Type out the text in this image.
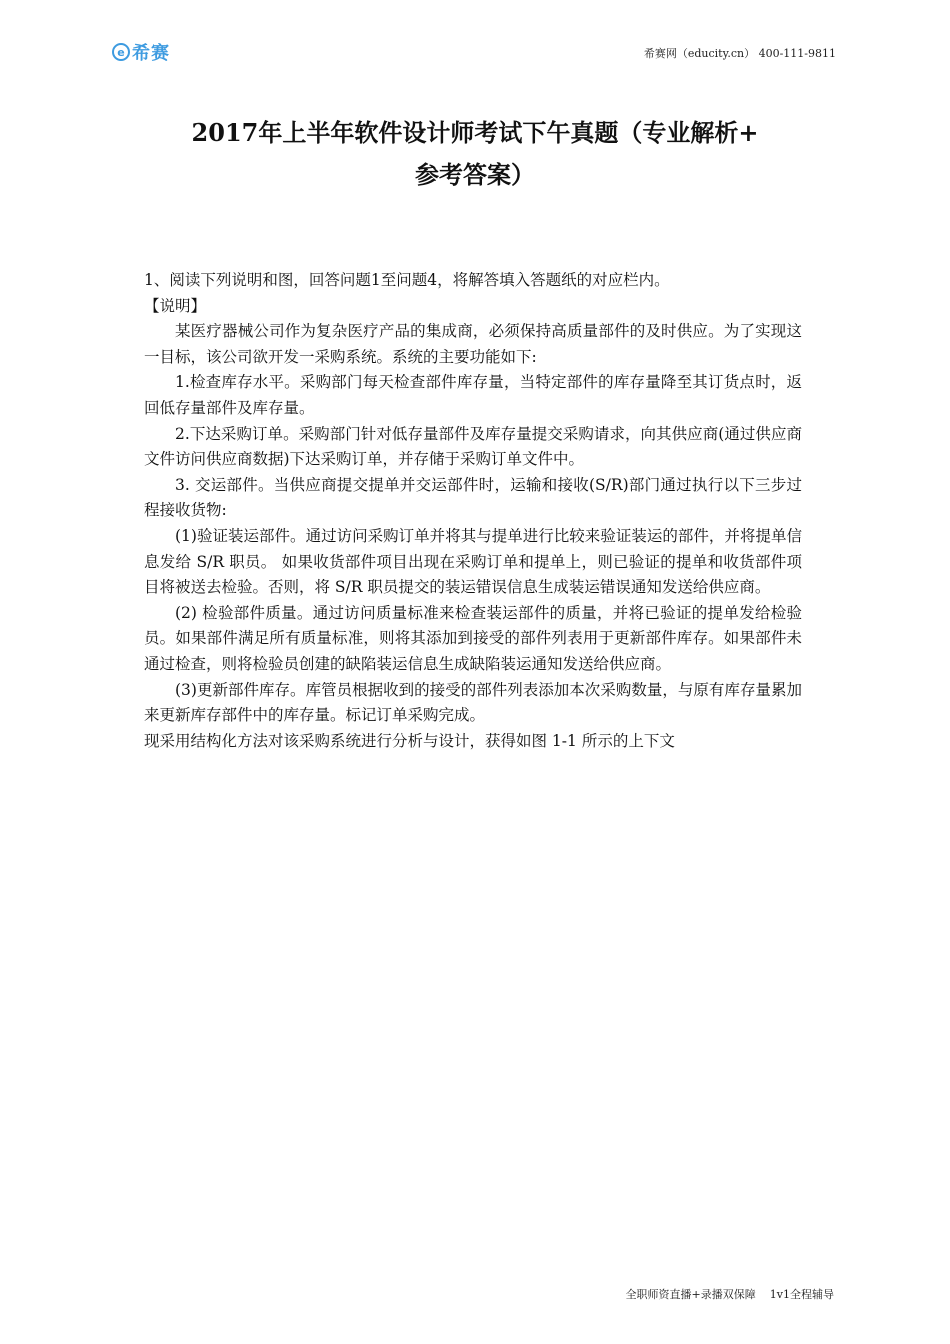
e 希赛	希赛网（educity.cn） 400-111-9811
2017年上半年软件设计师考试下午真题（专业解析+
参考答案）

1、阅读下列说明和图，回答问题1至问题4，将解答填入答题纸的对应栏内。

【说明】

某医疗器械公司作为复杂医疗产品的集成商，必须保持高质量部件的及时供应。为了实现这一目标，该公司欲开发一采购系统。系统的主要功能如下:

1.检查库存水平。采购部门每天检查部件库存量，当特定部件的库存量降至其订货点时，返回低存量部件及库存量。

2.下达采购订单。采购部门针对低存量部件及库存量提交采购请求，向其供应商(通过供应商文件访问供应商数据)下达采购订单，并存储于采购订单文件中。

3. 交运部件。当供应商提交提单并交运部件时，运输和接收(S/R)部门通过执行以下三步过程接收货物:

(1)验证装运部件。通过访问采购订单并将其与提单进行比较来验证装运的部件，并将提单信息发给 S/R 职员。 如果收货部件项目出现在采购订单和提单上，则已验证的提单和收货部件项目将被送去检验。否则，将 S/R 职员提交的装运错误信息生成装运错误通知发送给供应商。

(2) 检验部件质量。通过访问质量标准来检查装运部件的质量，并将已验证的提单发给检验员。如果部件满足所有质量标准，则将其添加到接受的部件列表用于更新部件库存。如果部件未通过检查，则将检验员创建的缺陷装运信息生成缺陷装运通知发送给供应商。

(3)更新部件库存。库管员根据收到的接受的部件列表添加本次采购数量，与原有库存量累加来更新库存部件中的库存量。标记订单采购完成。

现采用结构化方法对该采购系统进行分析与设计，获得如图 1-1 所示的上下文

全职师资直播+录播双保障 1v1全程辅导
